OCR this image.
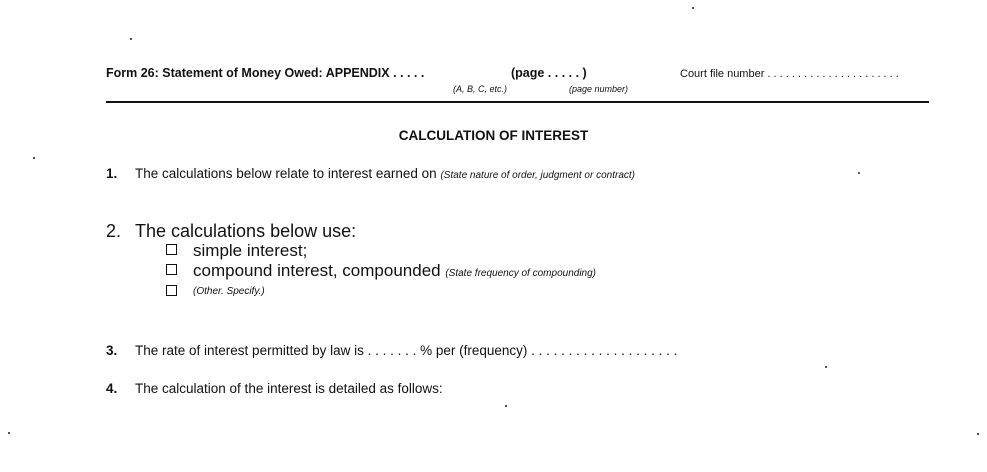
Form 26: Statement of Money Owed: APPENDIX . . . . .	(page . . . . . )
(A, B, C, etc.)	(page number)
Court file number . . . . . . . . . . . . . . . . . . . . . .
CALCULATION OF INTEREST
1. The calculations below relate to interest earned on (State nature of order, judgment or contract)
2. The calculations below use:
simple interest;
compound interest, compounded (State frequency of compounding)
(Other. Specify.)
3. The rate of interest permitted by law is . . . . . . . % per (frequency) . . . . . . . . . . . . . . . . . . . .
4. The calculation of the interest is detailed as follows:
